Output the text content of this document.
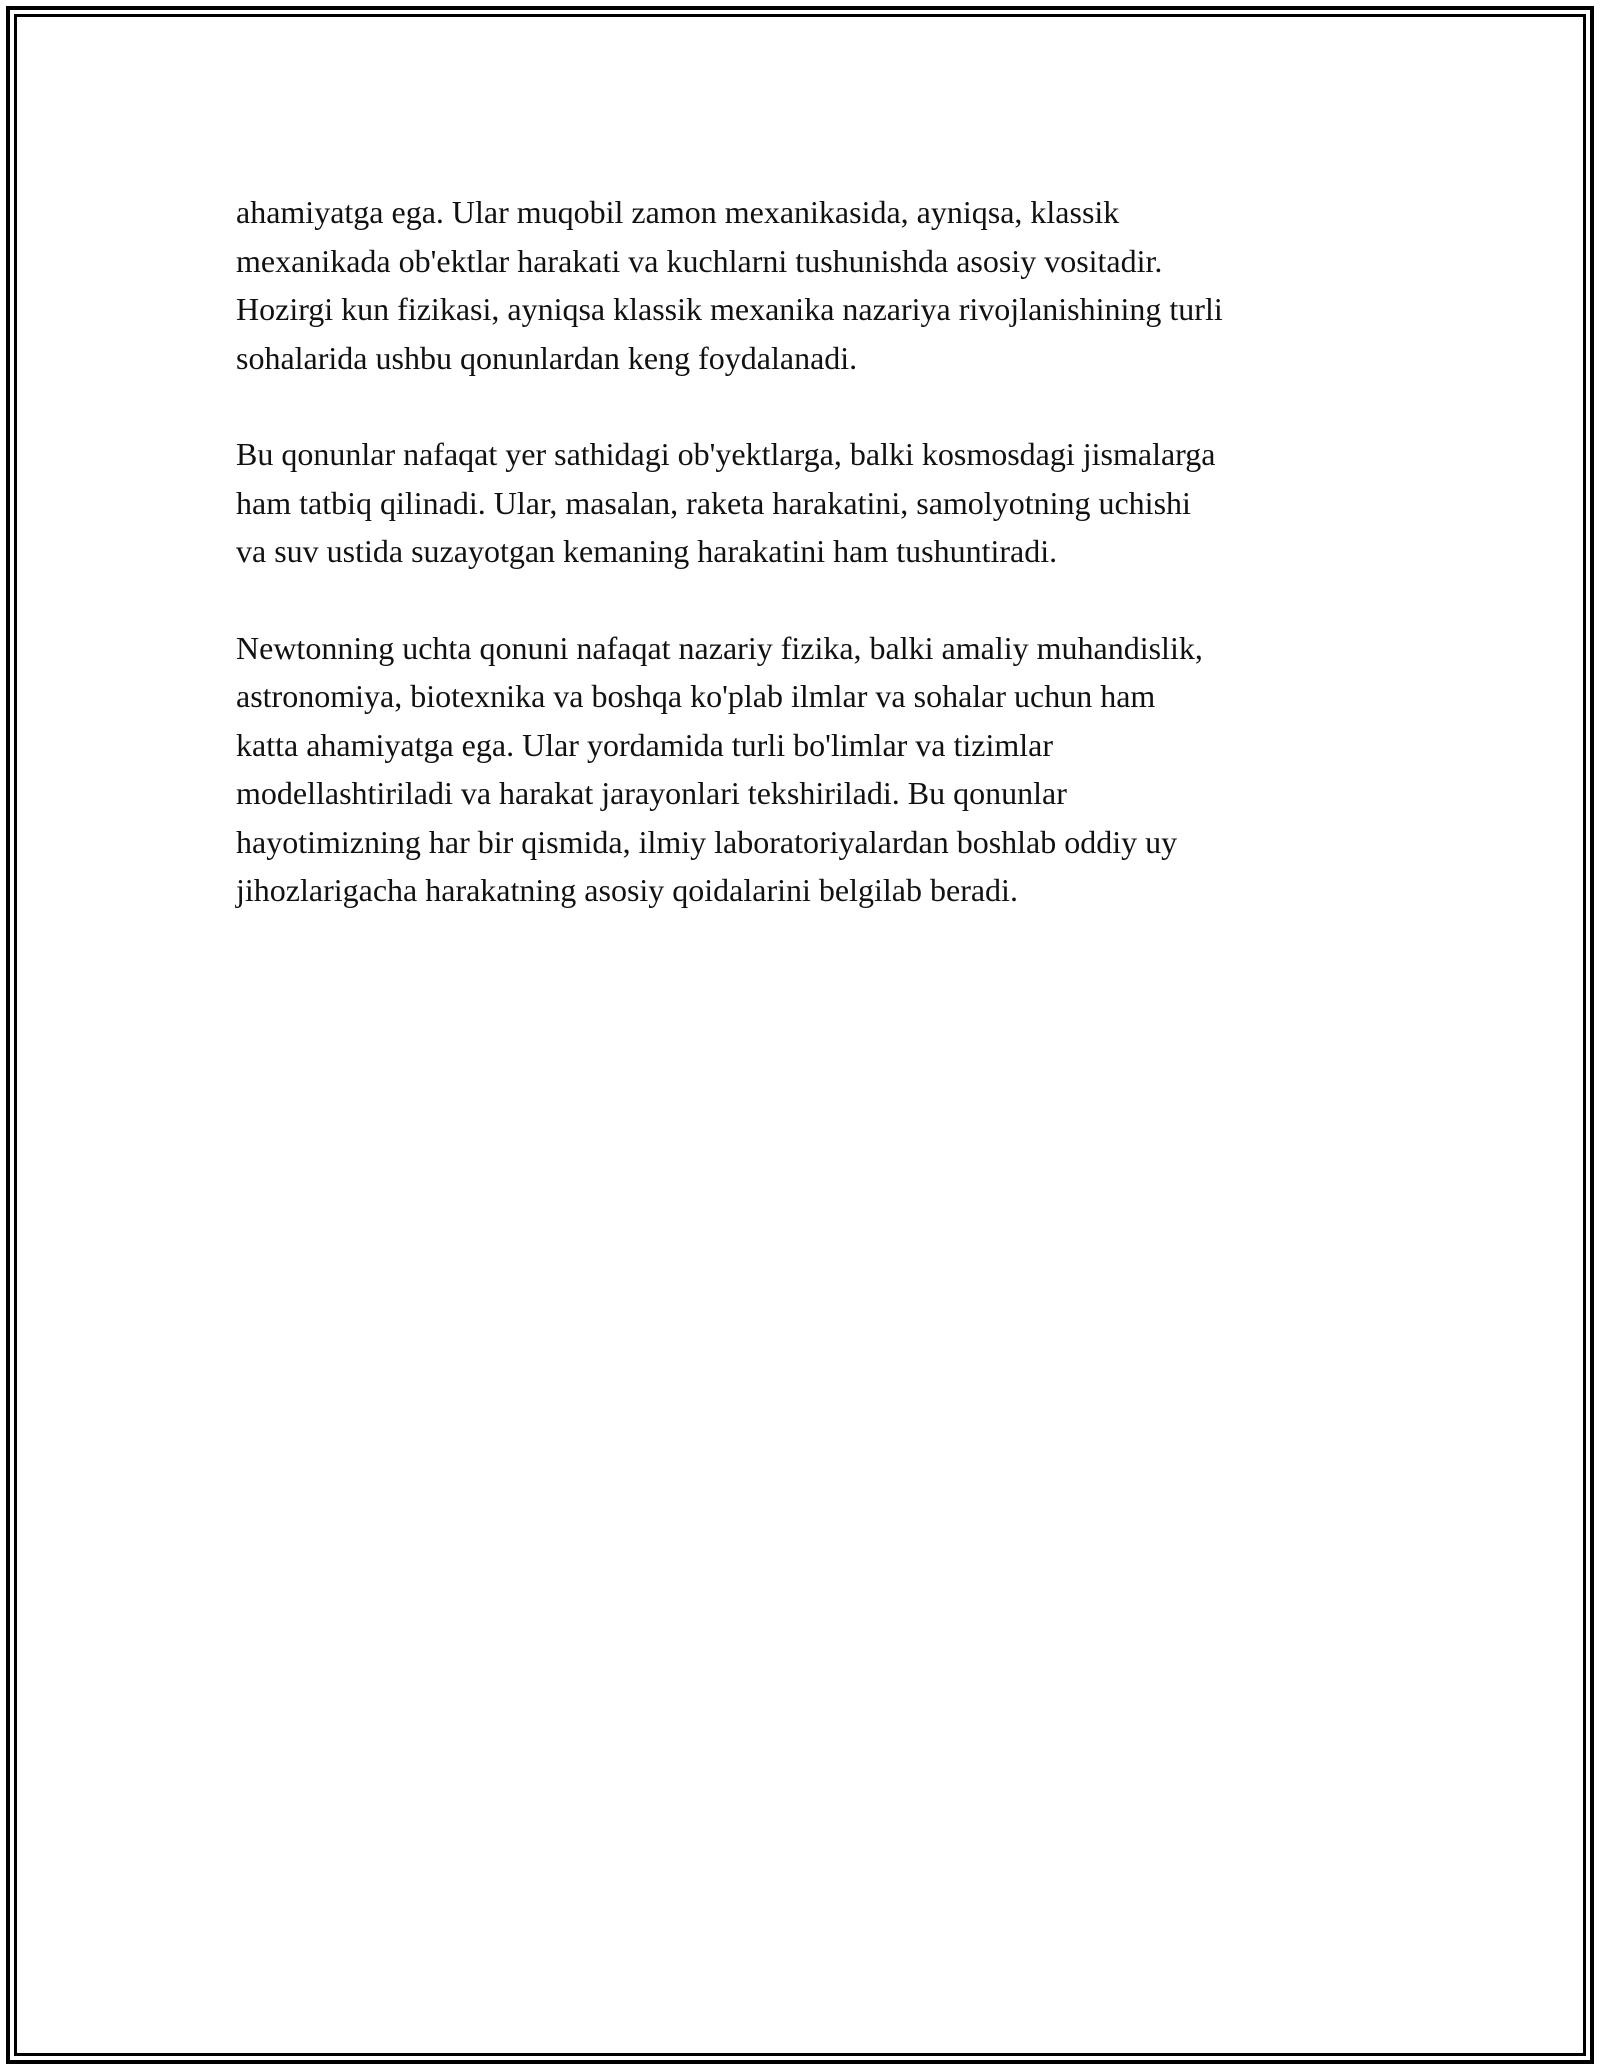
ahamiyatga ega. Ular muqobil zamon mexanikasida, ayniqsa, klassik
mexanikada ob'ektlar harakati va kuchlarni tushunishda asosiy vositadir.
Hozirgi kun fizikasi, ayniqsa klassik mexanika nazariya rivojlanishining turli
sohalarida ushbu qonunlardan keng foydalanadi.

Bu qonunlar nafaqat yer sathidagi ob'yektlarga, balki kosmosdagi jismalarga
ham tatbiq qilinadi. Ular, masalan, raketa harakatini, samolyotning uchishi
va suv ustida suzayotgan kemaning harakatini ham tushuntiradi.

Newtonning uchta qonuni nafaqat nazariy fizika, balki amaliy muhandislik,
astronomiya, biotexnika va boshqa ko'plab ilmlar va sohalar uchun ham
katta ahamiyatga ega. Ular yordamida turli bo'limlar va tizimlar
modellashtiriladi va harakat jarayonlari tekshiriladi. Bu qonunlar
hayotimizning har bir qismida, ilmiy laboratoriyalardan boshlab oddiy uy
jihozlarigacha harakatning asosiy qoidalarini belgilab beradi.
